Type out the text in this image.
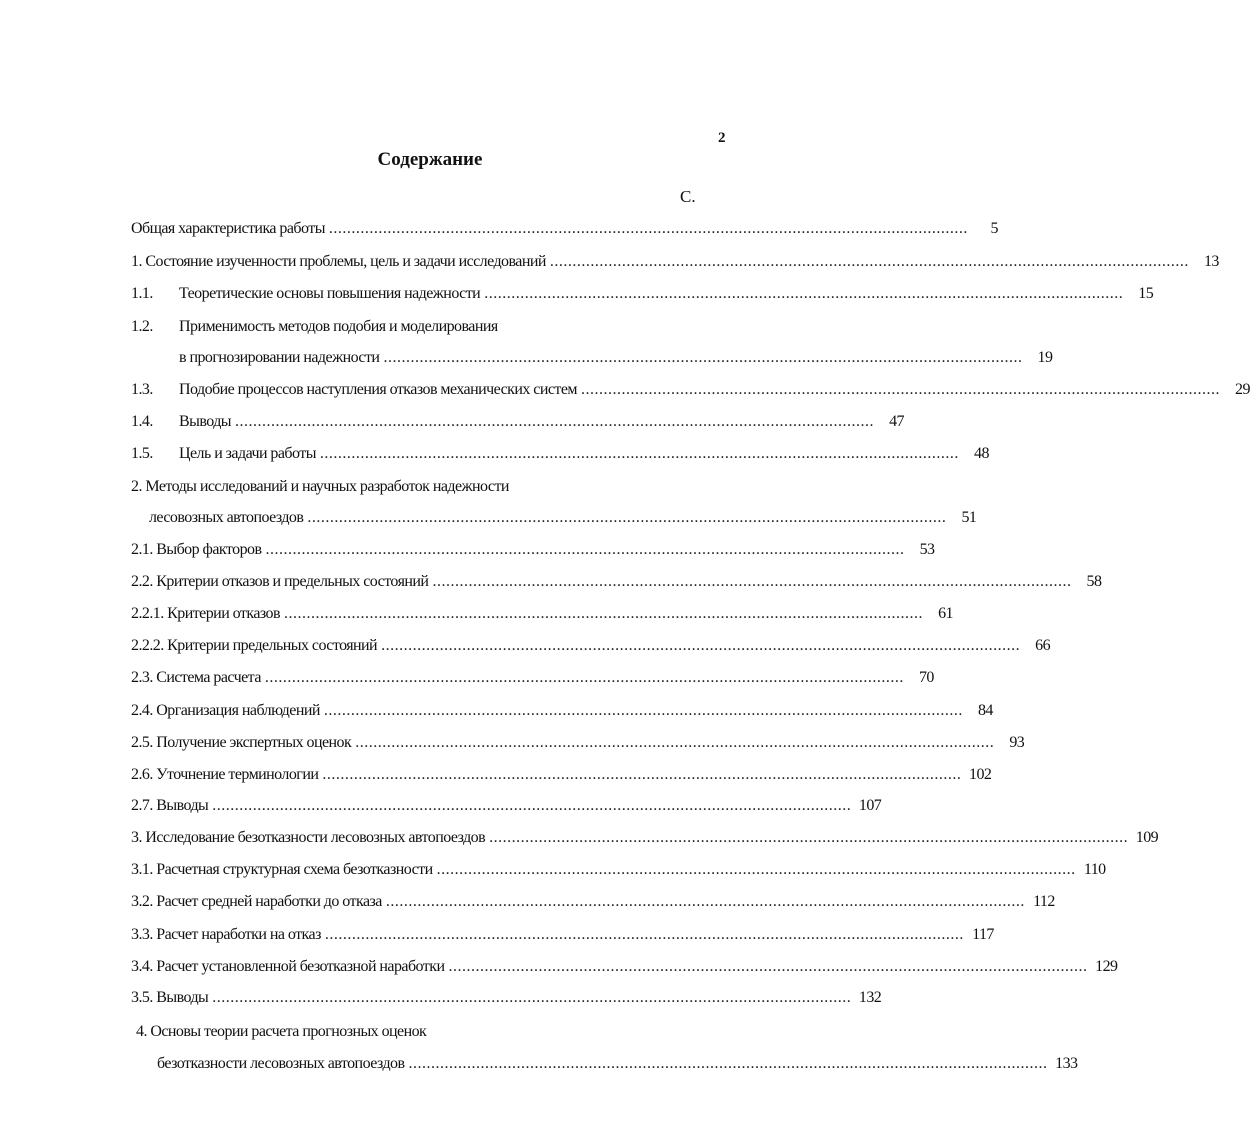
2
Содержание
С.
Общая характеристика работы ..............................................................................................................................................	5
1. Состояние изученности проблемы, цель и задачи исследований .............................................................................................................................................. 13
1.1.	Теоретические основы повышения надежности .............................................................................................................................................. 15
1.2. Применимость методов подобия и моделирования
в прогнозировании надежности .............................................................................................................................................. 19
1.3.	Подобие процессов наступления отказов механических систем .............................................................................................................................................. 29
1.4.	Выводы .............................................................................................................................................. 47
1.5.	Цель и задачи работы .............................................................................................................................................. 48
2. Методы исследований и научных разработок надежности
лесовозных автопоездов .............................................................................................................................................. 51
2.1. Выбор факторов .............................................................................................................................................. 53
2.2. Критерии отказов и предельных состояний .............................................................................................................................................. 58
2.2.1. Критерии отказов .............................................................................................................................................. 61
2.2.2. Критерии предельных состояний .............................................................................................................................................. 66
2.3. Система расчета .............................................................................................................................................. 70
2.4. Организация наблюдений .............................................................................................................................................. 84
2.5. Получение экспертных оценок .............................................................................................................................................. 93
2.6. Уточнение терминологии .............................................................................................................................................. 102
2.7. Выводы .............................................................................................................................................. 107
3. Исследование безотказности лесовозных автопоездов .............................................................................................................................................. 109
3.1. Расчетная структурная схема безотказности .............................................................................................................................................. 110
3.2. Расчет средней наработки до отказа .............................................................................................................................................. 112
3.3. Расчет наработки на отказ .............................................................................................................................................. 117
3.4. Расчет установленной безотказной наработки .............................................................................................................................................. 129
3.5. Выводы .............................................................................................................................................. 132
4. Основы теории расчета прогнозных оценок
безотказности лесовозных автопоездов .............................................................................................................................................. 133
